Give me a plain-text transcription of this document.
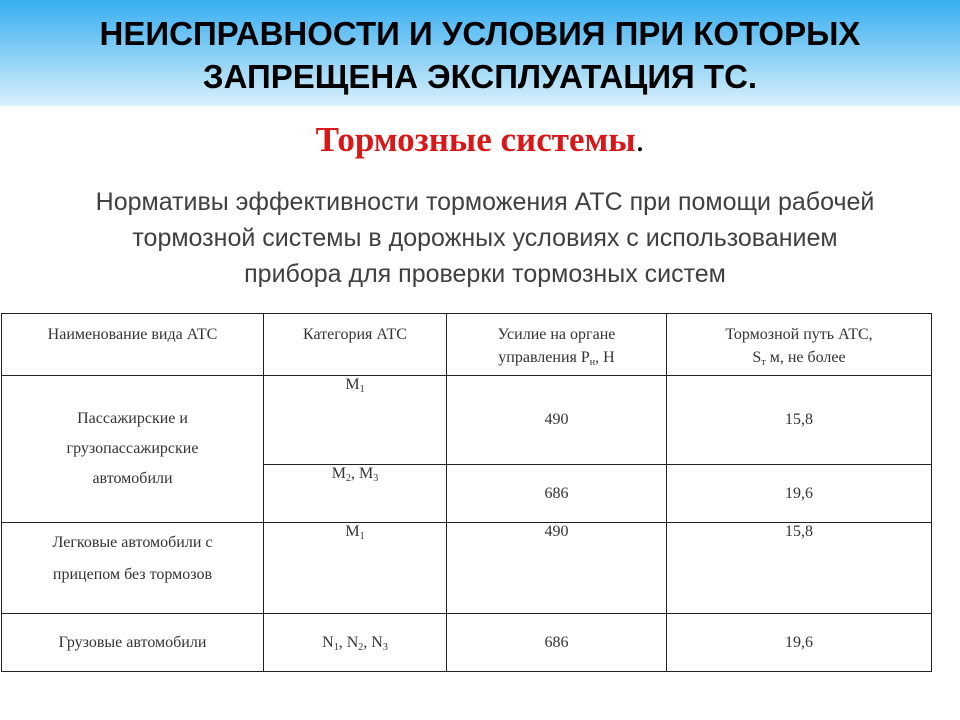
НЕИСПРАВНОСТИ И УСЛОВИЯ ПРИ КОТОРЫХ
ЗАПРЕЩЕНА ЭКСПЛУАТАЦИЯ ТС.
Тормозные системы.
Нормативы эффективности торможения АТС при помощи рабочей
тормозной системы в дорожных условиях с использованием
прибора для проверки тормозных систем
Наименование вида АТС	Категория АТС	Усилие на органе
управления $Р_н$, Н	Тормозной путь АТС,
$S_т$ м, не более

Пассажирские и
грузопассажирские
автомобили	$M_1$	490	15,8
	$M_2$, $M_3$	686	19,6

Легковые автомобили с
прицепом без тормозов	$M_1$	490	15,8

Грузовые автомобили	$N_1$, $N_2$, $N_3$	686	19,6
